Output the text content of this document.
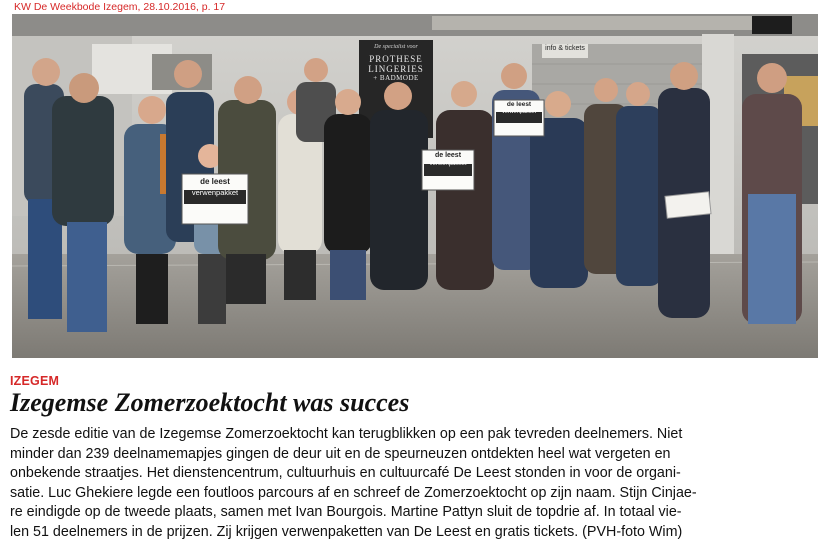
KW De Weekbode Izegem, 28.10.2016, p. 17
De specialist voor
PROTHESE
LINGERIES
+ BADMODE
info & tickets
de leest
verwenpakket
de leest
verwenpakket
de leest
verwenpakket
IZEGEM
Izegemse Zomerzoektocht was succes

De zesde editie van de Izegemse Zomerzoektocht kan terugblikken op een pak tevreden deelnemers. Niet
minder dan 239 deelnamemapjes gingen de deur uit en de speurneuzen ontdekten heel wat vergeten en
onbekende straatjes. Het dienstencentrum, cultuurhuis en cultuurcafé De Leest stonden in voor de organi-
satie. Luc Ghekiere legde een foutloos parcours af en schreef de Zomerzoektocht op zijn naam. Stijn Cinjae-
re eindigde op de tweede plaats, samen met Ivan Bourgois. Martine Pattyn sluit de topdrie af. In totaal vie-
len 51 deelnemers in de prijzen. Zij krijgen verwenpaketten van De Leest en gratis tickets. (PVH-foto Wim)
